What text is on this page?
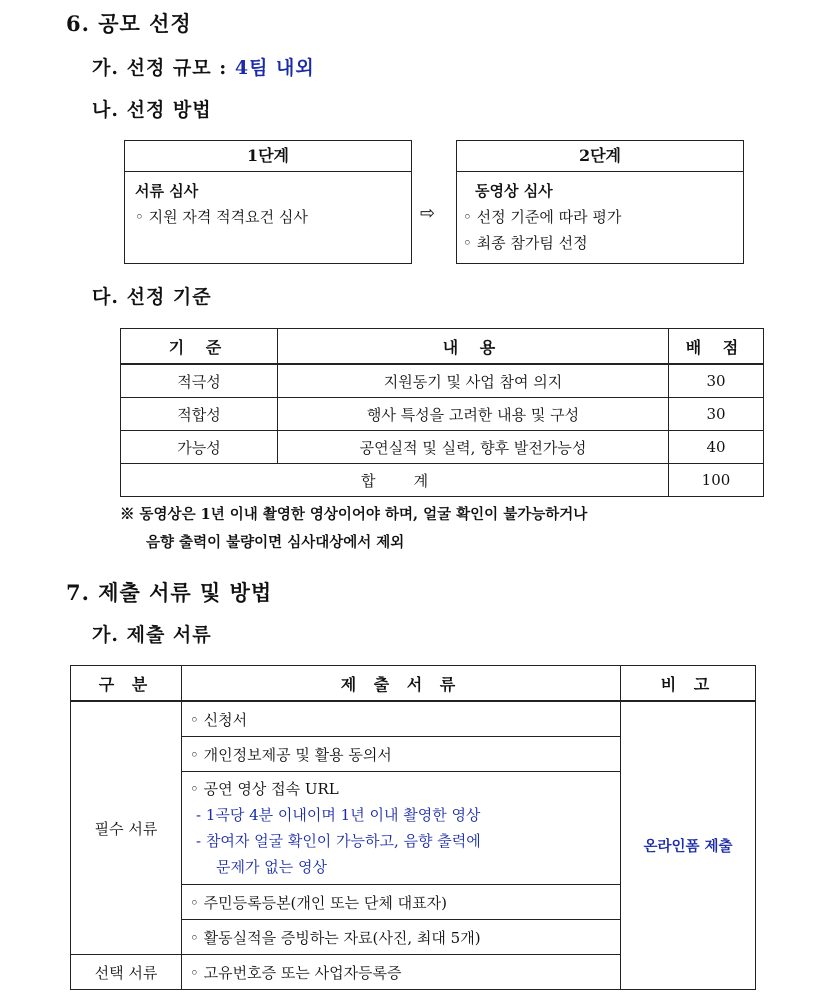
6. 공모 선정
가. 선정 규모 : 4팀 내외
나. 선정 방법
1단계
서류 심사
◦ 지원 자격 적격요건 심사	⇨
2단계
동영상 심사
◦ 선정 기준에 따라 평가
◦ 최종 참가팀 선정
다. 선정 기준
기 준	내 용	배 점
적극성	지원동기 및 사업 참여 의지	30
적합성	행사 특성을 고려한 내용 및 구성	30
가능성	공연실적 및 실력, 향후 발전가능성	40
합        계		100
※ 동영상은 1년 이내 촬영한 영상이어야 하며, 얼굴 확인이 불가능하거나
음향 출력이 불량이면 심사대상에서 제외
7. 제출 서류 및 방법
가. 제출 서류
구 분	제 출 서 류	비 고
필수 서류	◦ 신청서	온라인폼 제출
	◦ 개인정보제공 및 활용 동의서	

	◦ 공연 영상 접속 URL
- 1곡당 4분 이내이며 1년 이내 촬영한 영상
- 참여자 얼굴 확인이 가능하고, 음향 출력에
문제가 없는 영상	

	◦ 주민등록등본(개인 또는 단체 대표자)	
	◦ 활동실적을 증빙하는 자료(사진, 최대 5개)	
선택 서류	◦ 고유번호증 또는 사업자등록증	
